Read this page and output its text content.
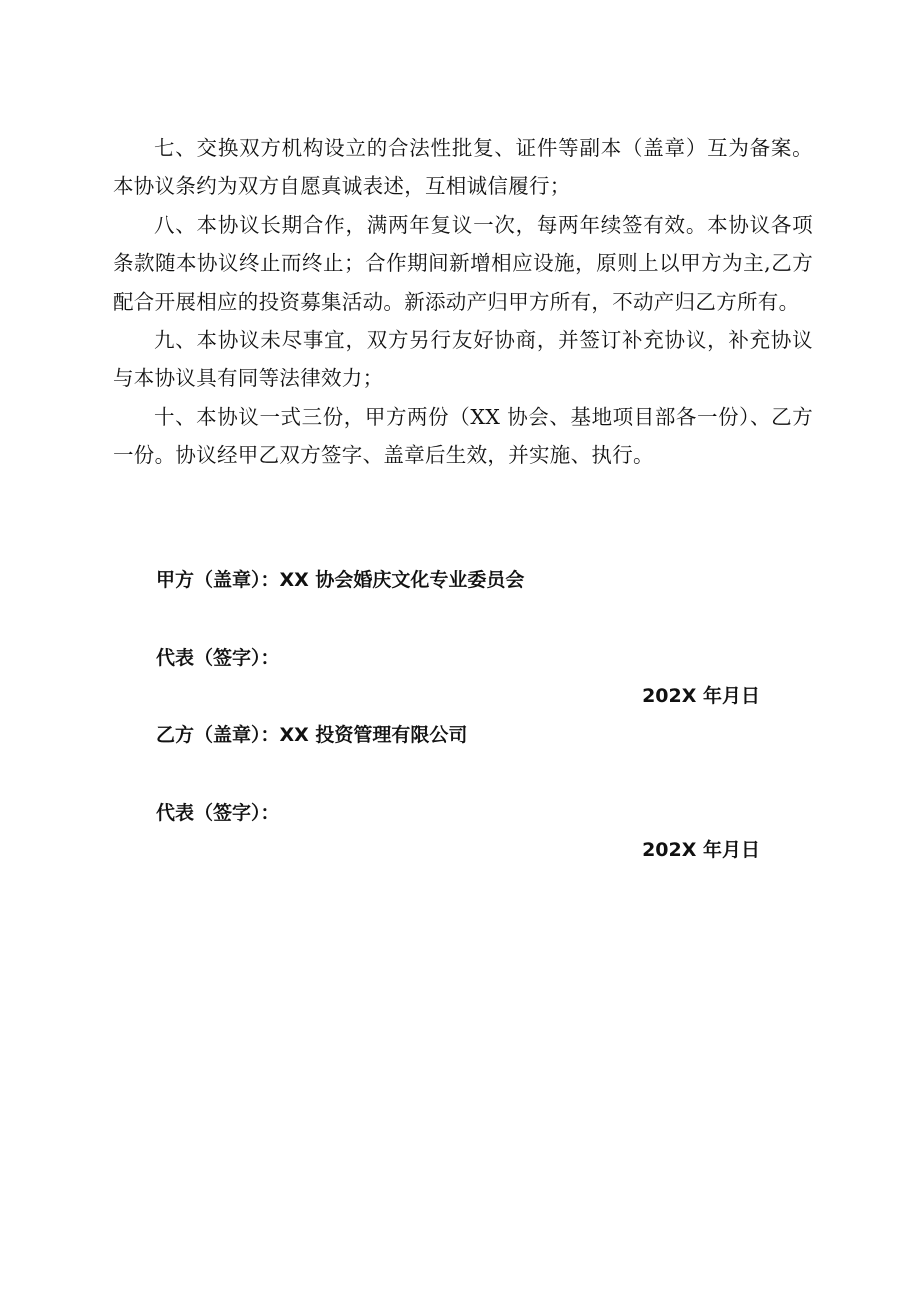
七、交换双方机构设立的合法性批复、证件等副本（盖章）互为备案。本协议条约为双方自愿真诚表述，互相诚信履行；

八、本协议长期合作，满两年复议一次，每两年续签有效。本协议各项条款随本协议终止而终止；合作期间新增相应设施，原则上以甲方为主,乙方配合开展相应的投资募集活动。新添动产归甲方所有，不动产归乙方所有。

九、本协议未尽事宜，双方另行友好协商，并签订补充协议，补充协议与本协议具有同等法律效力；

十、本协议一式三份，甲方两份（XX 协会、基地项目部各一份）、乙方一份。协议经甲乙双方签字、盖章后生效，并实施、执行。

甲方（盖章）：XX 协会婚庆文化专业委员会

代表（签字）：

202X 年月日

乙方（盖章）：XX 投资管理有限公司

代表（签字）：

202X 年月日
